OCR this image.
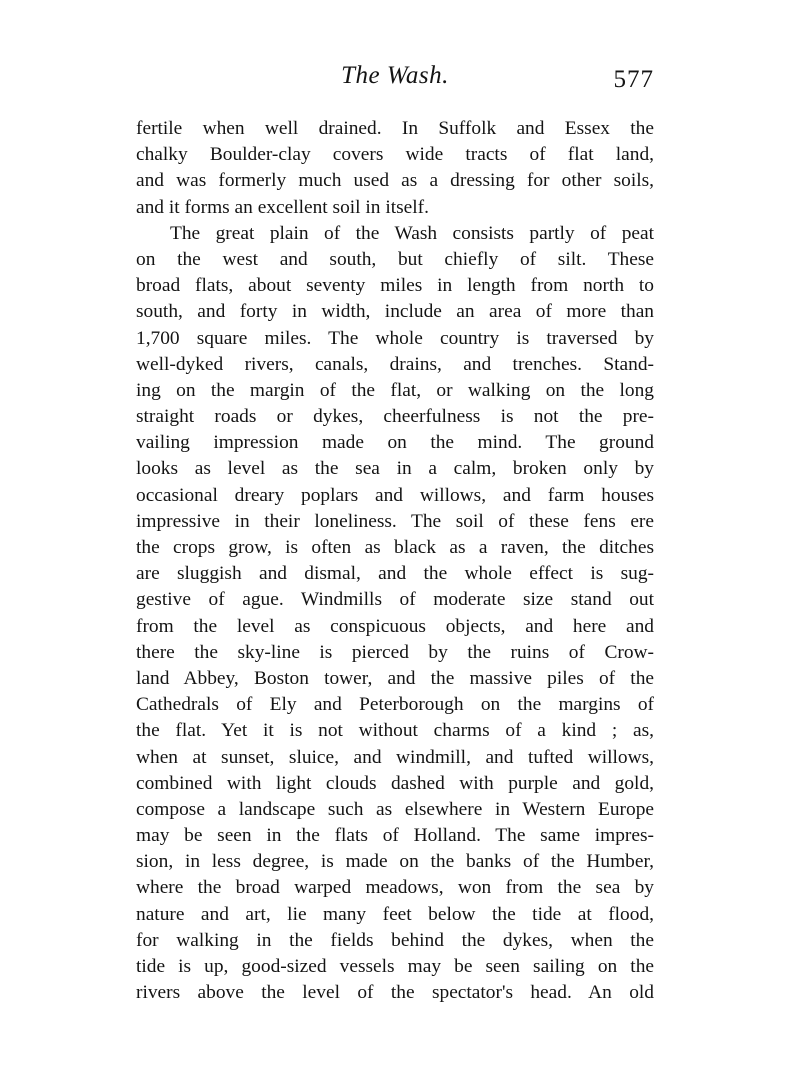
The Wash.	577
fertile when well drained. In Suffolk and Essex the
chalky Boulder-clay covers wide tracts of flat land,
and was formerly much used as a dressing for other soils,
and it forms an excellent soil in itself.
The great plain of the Wash consists partly of peat
on the west and south, but chiefly of silt. These
broad flats, about seventy miles in length from north to
south, and forty in width, include an area of more than
1,700 square miles. The whole country is traversed by
well-dyked rivers, canals, drains, and trenches. Stand-
ing on the margin of the flat, or walking on the long
straight roads or dykes, cheerfulness is not the pre-
vailing impression made on the mind. The ground
looks as level as the sea in a calm, broken only by
occasional dreary poplars and willows, and farm houses
impressive in their loneliness. The soil of these fens ere
the crops grow, is often as black as a raven, the ditches
are sluggish and dismal, and the whole effect is sug-
gestive of ague. Windmills of moderate size stand out
from the level as conspicuous objects, and here and
there the sky-line is pierced by the ruins of Crow-
land Abbey, Boston tower, and the massive piles of the
Cathedrals of Ely and Peterborough on the margins of
the flat. Yet it is not without charms of a kind ; as,
when at sunset, sluice, and windmill, and tufted willows,
combined with light clouds dashed with purple and gold,
compose a landscape such as elsewhere in Western Europe
may be seen in the flats of Holland. The same impres-
sion, in less degree, is made on the banks of the Humber,
where the broad warped meadows, won from the sea by
nature and art, lie many feet below the tide at flood,
for walking in the fields behind the dykes, when the
tide is up, good-sized vessels may be seen sailing on the
rivers above the level of the spectator's head. An old
